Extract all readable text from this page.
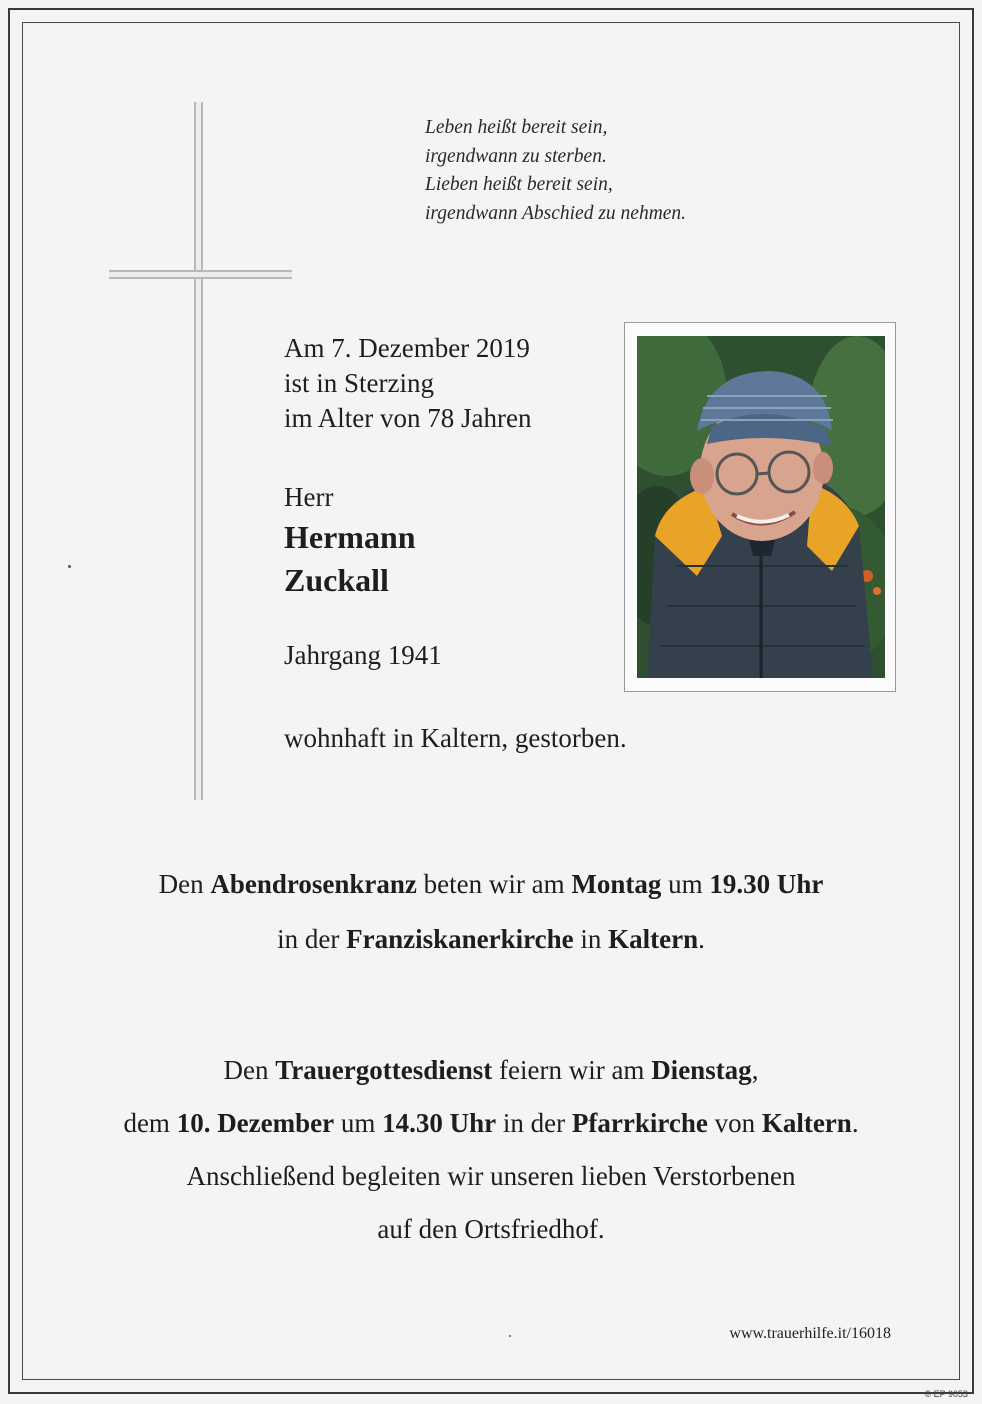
Leben heißt bereit sein,
irgendwann zu sterben.
Lieben heißt bereit sein,
irgendwann Abschied zu nehmen.
Am 7. Dezember 2019
ist in Sterzing
im Alter von 78 Jahren
Herr
Hermann
Zuckall
Jahrgang 1941
wohnhaft in Kaltern, gestorben.
Den Abendrosenkranz beten wir am Montag um 19.30 Uhr
in der Franziskanerkirche in Kaltern.
Den Trauergottesdienst feiern wir am Dienstag,
dem 10. Dezember um 14.30 Uhr in der Pfarrkirche von Kaltern.
Anschließend begleiten wir unseren lieben Verstorbenen
auf den Ortsfriedhof.
www.trauerhilfe.it/16018
© EP 9053
